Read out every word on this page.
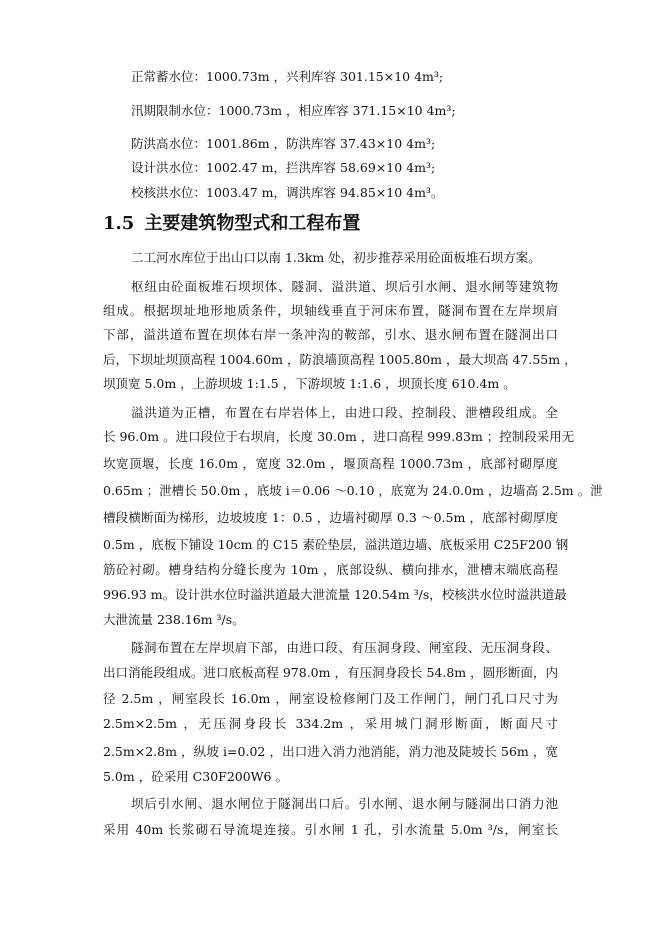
正常蓄水位：1000.73m ，兴利库容 301.15×10 4m³;
汛期限制水位：1000.73m ，相应库容 371.15×10 4m³;
防洪高水位：1001.86m ，防洪库容 37.43×10 4m³;
设计洪水位：1002.47 m，拦洪库容 58.69×10 4m³;
校核洪水位：1003.47 m，调洪库容 94.85×10 4m³。
1.5 主要建筑物型式和工程布置
二工河水库位于出山口以南 1.3km 处，初步推荐采用砼面板堆石坝方案。
枢纽由砼面板堆石坝坝体、隧洞、溢洪道、坝后引水闸、退水闸等建筑物
组成。根据坝址地形地质条件，坝轴线垂直于河床布置，隧洞布置在左岸坝肩
下部，溢洪道布置在坝体右岸一条冲沟的鞍部，引水、退水闸布置在隧洞出口
后，下坝址坝顶高程 1004.60m ，防浪墙顶高程 1005.80m ，最大坝高 47.55m ，
坝顶宽 5.0m ，上游坝坡 1:1.5 ，下游坝坡 1:1.6 ，坝顶长度 610.4m 。
溢洪道为正槽，布置在右岸岩体上，由进口段、控制段、泄槽段组成。全
长 96.0m 。进口段位于右坝肩，长度 30.0m ，进口高程 999.83m ；控制段采用无
坎宽顶堰，长度 16.0m ，宽度 32.0m ，堰顶高程 1000.73m ，底部衬砌厚度
0.65m ；泄槽长 50.0m ，底坡 i＝0.06 ～0.10 ，底宽为 24.0.0m ，边墙高 2.5m 。泄
槽段横断面为梯形，边坡坡度 1：0.5 ，边墙衬砌厚 0.3 ～0.5m ，底部衬砌厚度
0.5m ，底板下铺设 10cm 的 C15 素砼垫层，溢洪道边墙、底板采用 C25F200 钢
筋砼衬砌。槽身结构分缝长度为 10m ，底部设纵、横向排水，泄槽末端底高程
996.93 m。设计洪水位时溢洪道最大泄流量 120.54m ³/s，校核洪水位时溢洪道最
大泄流量 238.16m ³/s。
隧洞布置在左岸坝肩下部，由进口段、有压洞身段、闸室段、无压洞身段、
出口消能段组成。进口底板高程 978.0m ，有压洞身段长 54.8m ，圆形断面，内
径 2.5m ，闸室段长 16.0m ，闸室设检修闸门及工作闸门，闸门孔口尺寸为
2.5m×2.5m ，无压洞身段长 334.2m ，采用城门洞形断面，断面尺寸
2.5m×2.8m ，纵坡 i=0.02 ，出口进入消力池消能，消力池及陡坡长 56m ，宽
5.0m ，砼采用 C30F200W6 。
坝后引水闸、退水闸位于隧洞出口后。引水闸、退水闸与隧洞出口消力池
采用 40m 长浆砌石导流堤连接。引水闸 1 孔，引水流量 5.0m ³/s，闸室长
